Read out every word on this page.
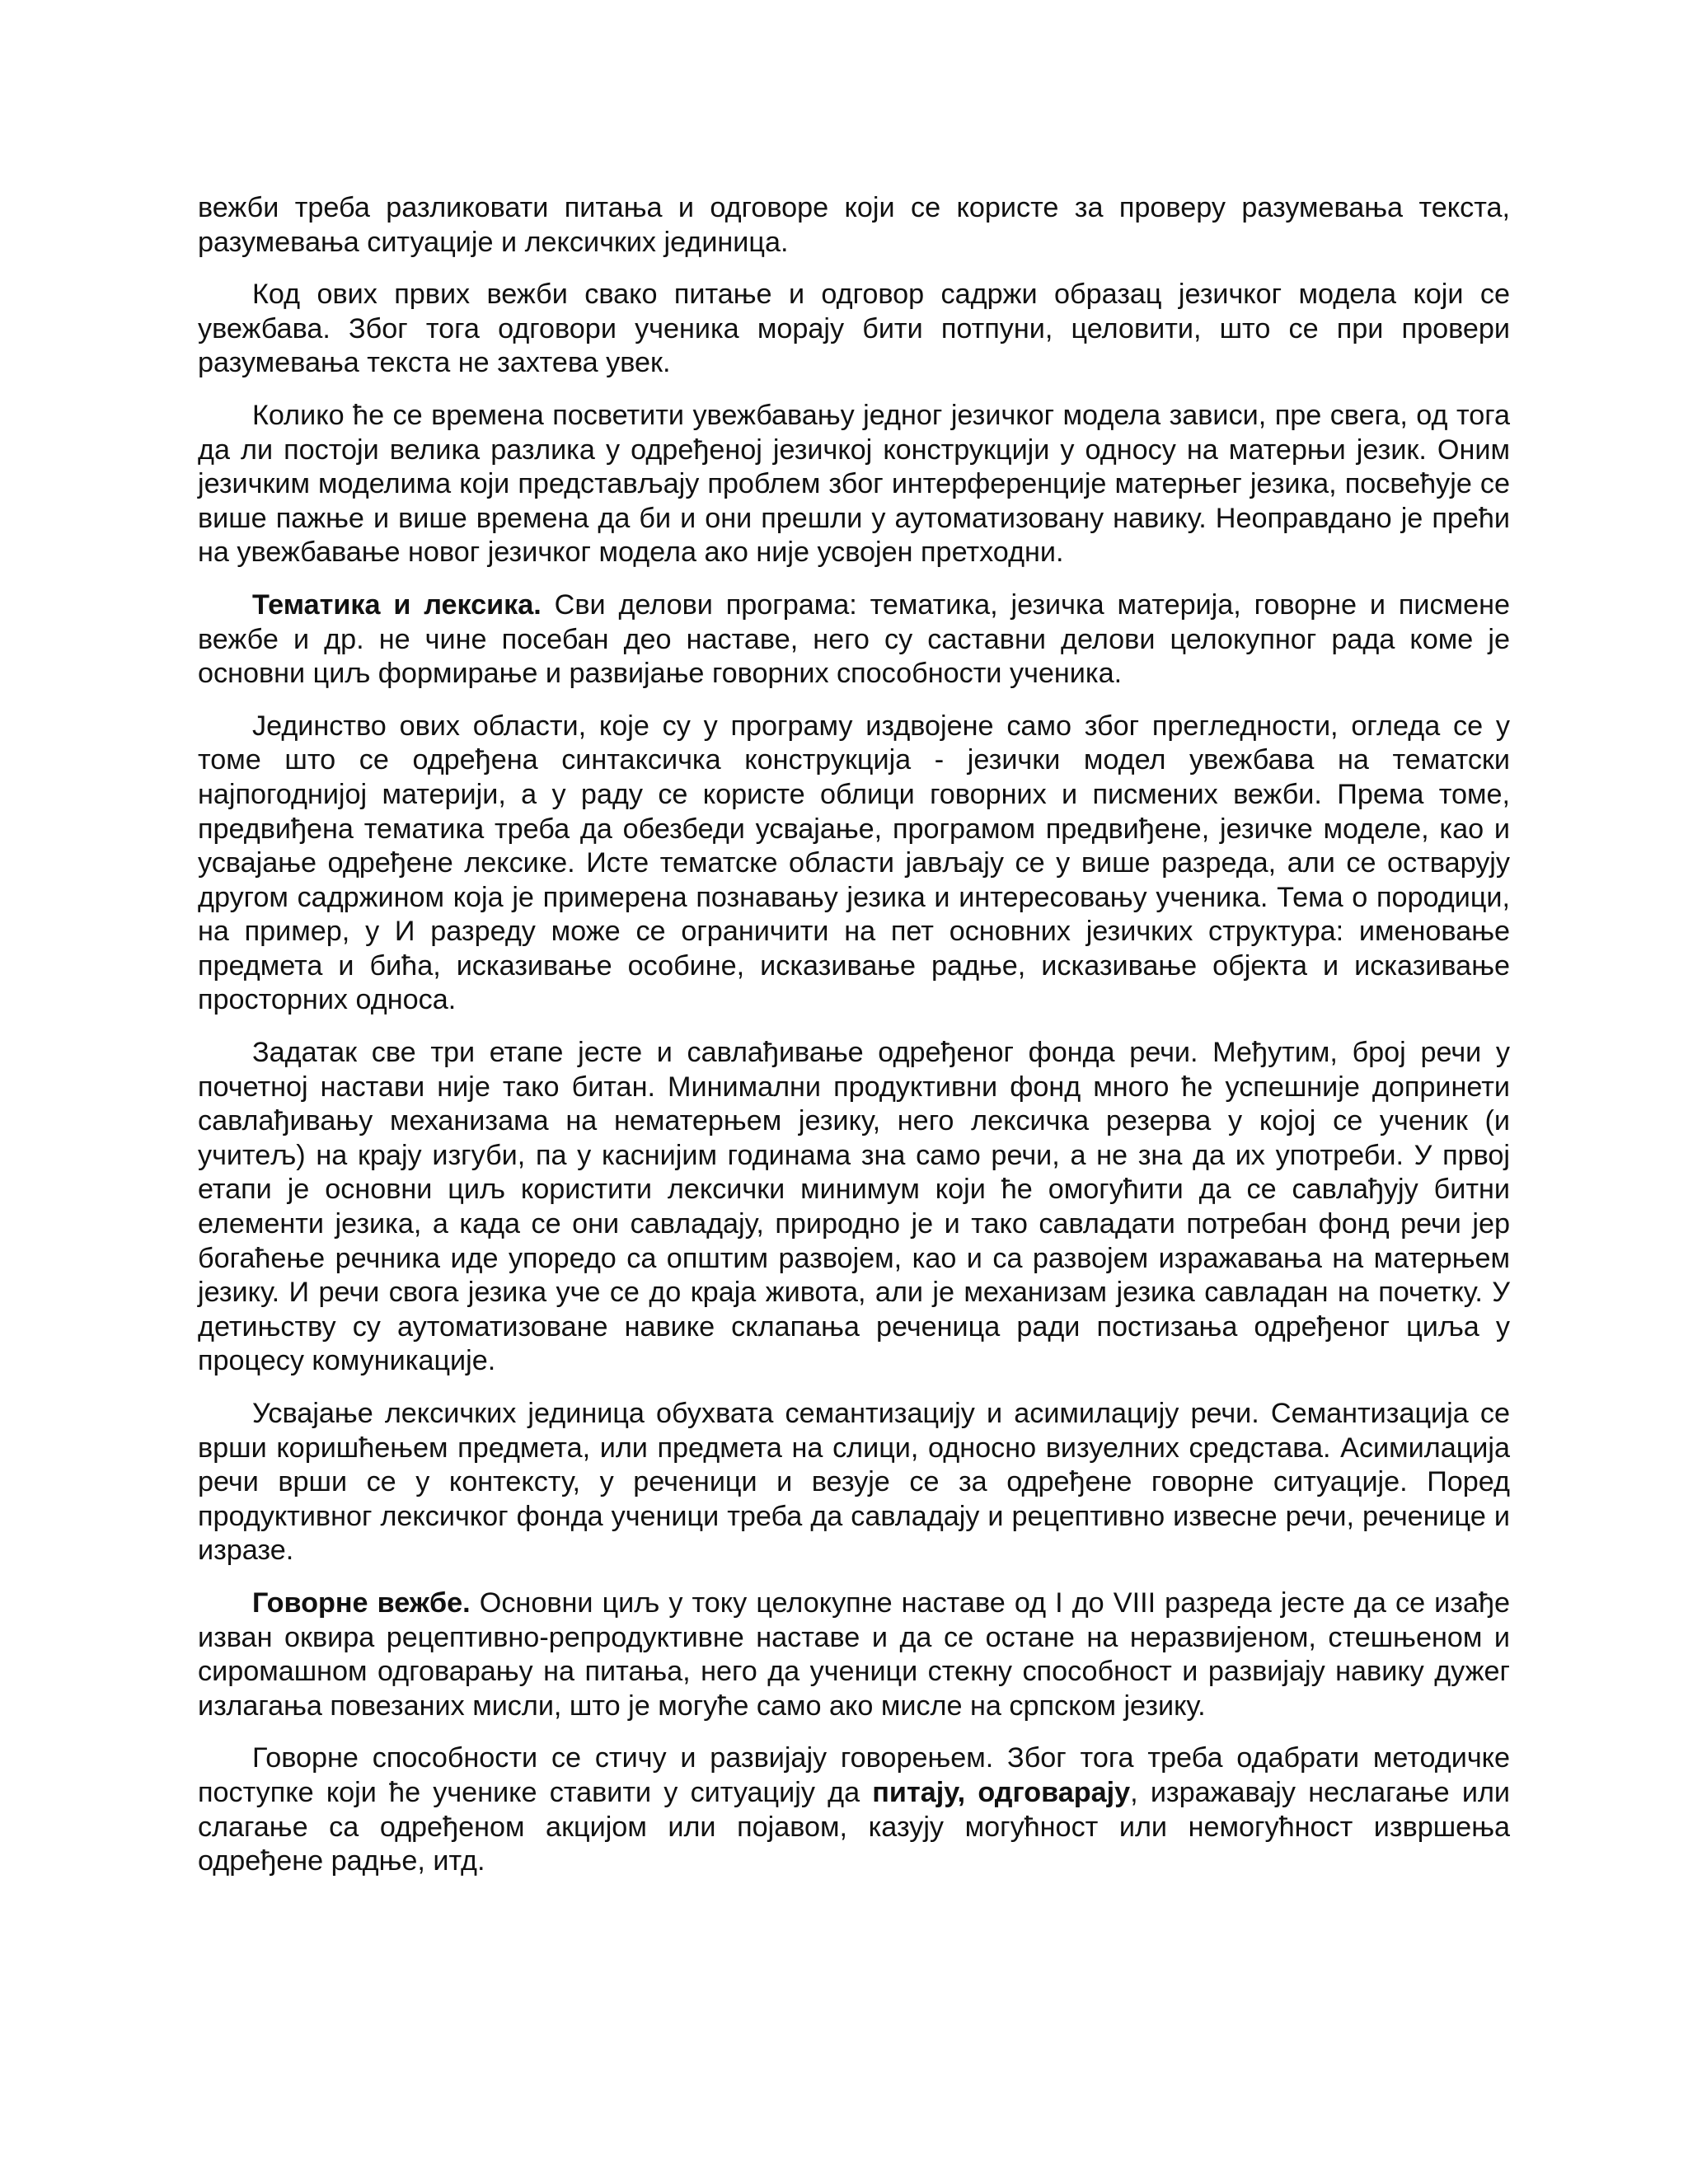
вежби треба разликовати питања и одговоре који се користе за проверу разумевања текста, разумевања ситуације и лексичких јединица.

Код ових првих вежби свако питање и одговор садржи образац језичког модела који се увежбава. Због тога одговори ученика морају бити потпуни, целовити, што се при провери разумевања текста не захтева увек.

Колико ће се времена посветити увежбавању једног језичког модела зависи, пре свега, од тога да ли постоји велика разлика у одређеној језичкој конструкцији у односу на матерњи језик. Оним језичким моделима који представљају проблем због интерференције матерњег језика, посвећује се више пажње и више времена да би и они прешли у аутоматизовану навику. Неоправдано је прећи на увежбавање новог језичког модела ако није усвојен претходни.

Тематика и лексика. Сви делови програма: тематика, језичка материја, говорне и писмене вежбе и др. не чине посебан део наставе, него су саставни делови целокупног рада коме је основни циљ формирање и развијање говорних способности ученика.

Јединство ових области, које су у програму издвојене само због прегледности, огледа се у томе што се одређена синтаксичка конструкција - језички модел увежбава на тематски најпогоднијој материји, а у раду се користе облици говорних и писмених вежби. Према томе, предвиђена тематика треба да обезбеди усвајање, програмом предвиђене, језичке моделе, као и усвајање одређене лексике. Исте тематске области јављају се у више разреда, али се остварују другом садржином која је примерена познавању језика и интересовању ученика. Тема о породици, на пример, у И разреду може се ограничити на пет основних језичких структура: именовање предмета и бића, исказивање особине, исказивање радње, исказивање објекта и исказивање просторних односа.

Задатак све три етапе јесте и савлађивање одређеног фонда речи. Међутим, број речи у почетној настави није тако битан. Минимални продуктивни фонд много ће успешније допринети савлађивању механизама на нематерњем језику, него лексичка резерва у којој се ученик (и учитељ) на крају изгуби, па у каснијим годинама зна само речи, а не зна да их употреби. У првој етапи је основни циљ користити лексички минимум који ће омогућити да се савлађују битни елементи језика, а када се они савладају, природно је и тако савладати потребан фонд речи јер богаћење речника иде упоредо са општим развојем, као и са развојем изражавања на матерњем језику. И речи свога језика уче се до краја живота, али је механизам језика савладан на почетку. У детињству су аутоматизоване навике склапања реченица ради постизања одређеног циља у процесу комуникације.

Усвајање лексичких јединица обухвата семантизацију и асимилацију речи. Семантизација се врши коришћењем предмета, или предмета на слици, односно визуелних средстава. Асимилација речи врши се у контексту, у реченици и везује се за одређене говорне ситуације. Поред продуктивног лексичког фонда ученици треба да савладају и рецептивно извесне речи, реченице и изразе.

Говорне вежбе. Основни циљ у току целокупне наставе од I до VIII разреда јесте да се изађе изван оквира рецептивно-репродуктивне наставе и да се остане на неразвијеном, стешњеном и сиромашном одговарању на питања, него да ученици стекну способност и развијају навику дужег излагања повезаних мисли, што је могуће само ако мисле на српском језику.

Говорне способности се стичу и развијају говорењем. Због тога треба одабрати методичке поступке који ће ученике ставити у ситуацију да питају, одговарају, изражавају неслагање или слагање са одређеном акцијом или појавом, казују могућност или немогућност извршења одређене радње, итд.
